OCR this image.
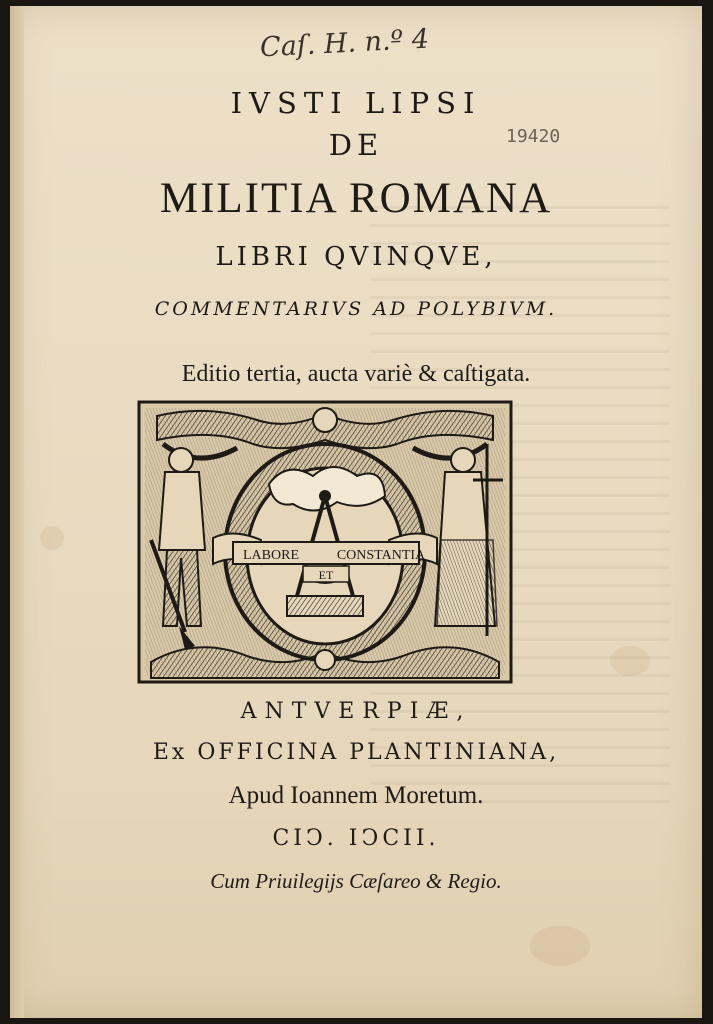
Caſ. H. n.º 4
19420

IVSTI LIPSI

DE

MILITIA ROMANA

LIBRI QVINQVE,

COMMENTARIVS AD POLYBIVM.

Editio tertia, aucta variè & caſtigata.

LABORE
ET
CONSTANTIA

ANTVERPIÆ,

Ex OFFICINA PLANTINIANA,

Apud Ioannem Moretum.

CIↃ. IↃCII.

Cum Priuilegijs Cæſareo & Regio.
